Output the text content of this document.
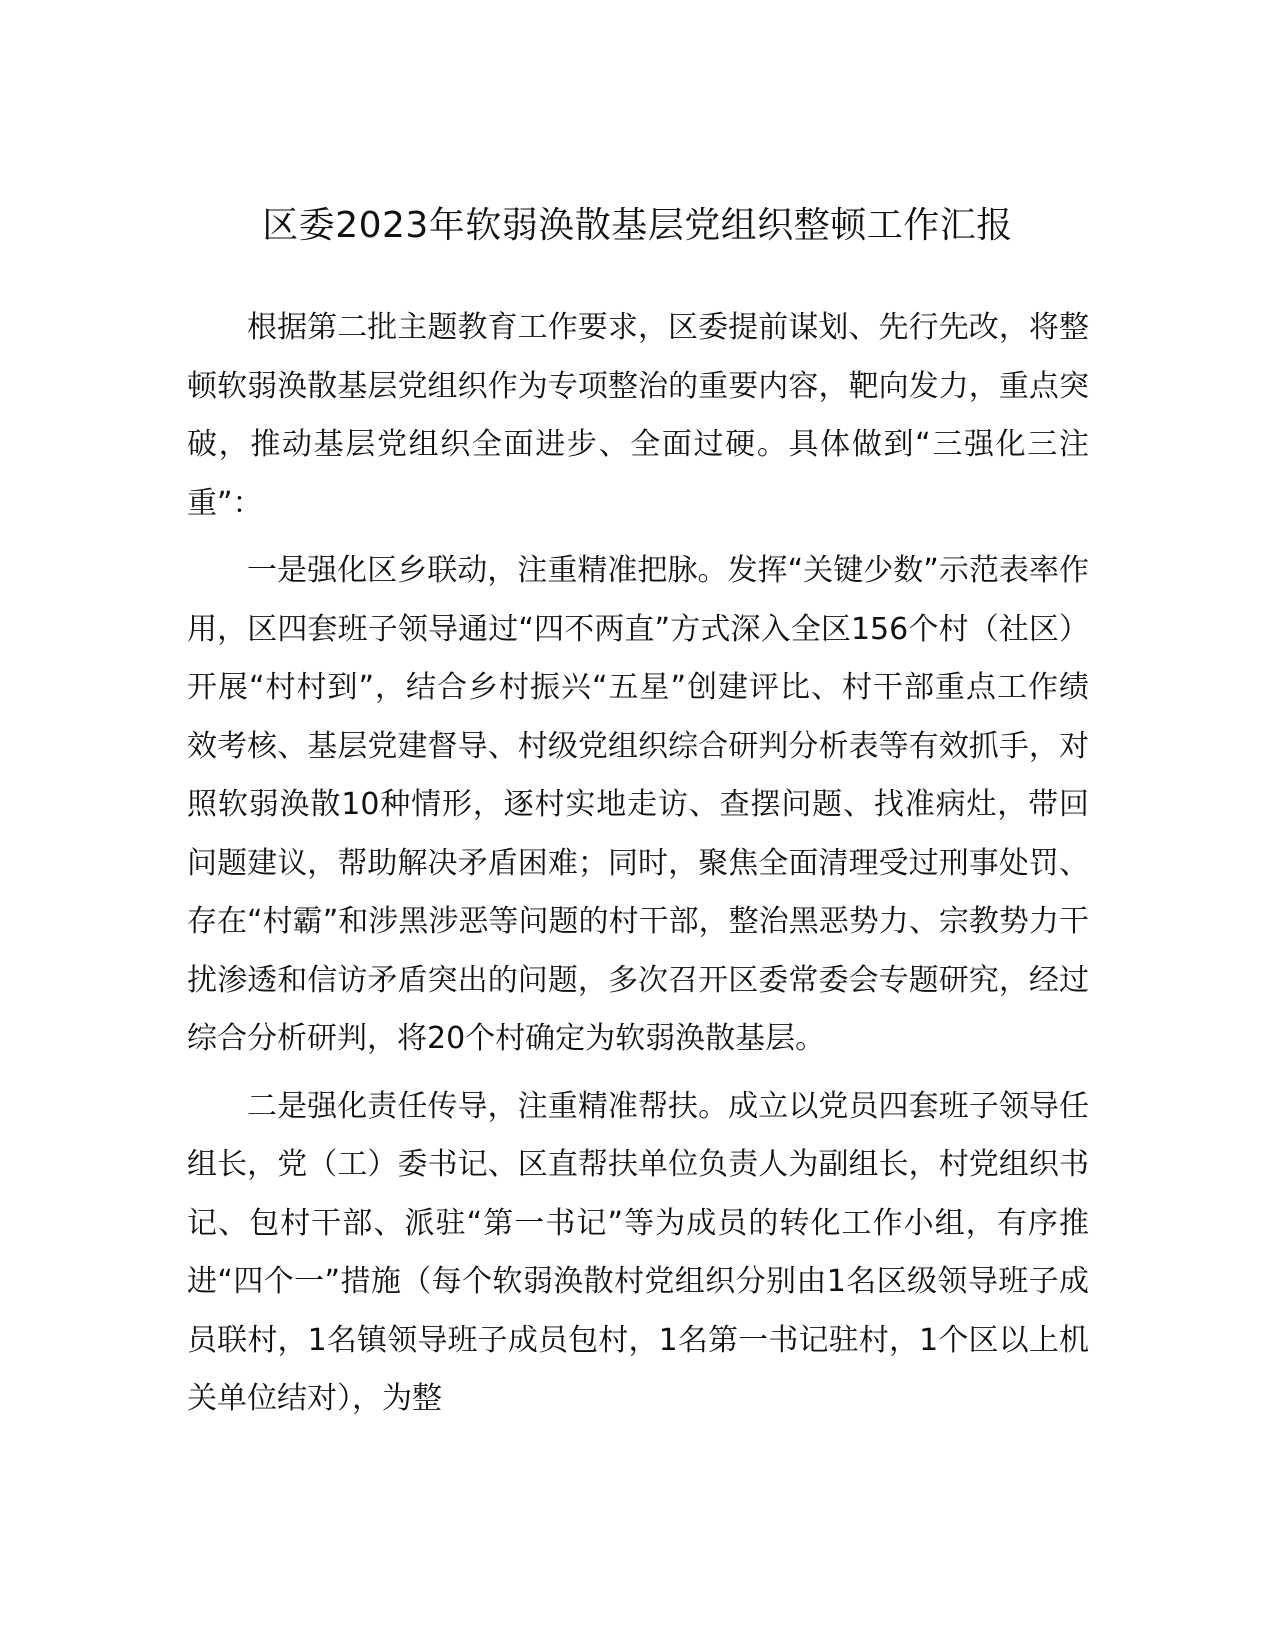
区委2023年软弱涣散基层党组织整顿工作汇报

根据第二批主题教育工作要求，区委提前谋划、先行先改，将整顿软弱涣散基层党组织作为专项整治的重要内容，靶向发力，重点突破，推动基层党组织全面进步、全面过硬。具体做到“三强化三注重”：

一是强化区乡联动，注重精准把脉。发挥“关键少数”示范表率作用，区四套班子领导通过“四不两直”方式深入全区156个村（社区）开展“村村到”，结合乡村振兴“五星”创建评比、村干部重点工作绩效考核、基层党建督导、村级党组织综合研判分析表等有效抓手，对照软弱涣散10种情形，逐村实地走访、查摆问题、找准病灶，带回问题建议，帮助解决矛盾困难；同时，聚焦全面清理受过刑事处罚、存在“村霸”和涉黑涉恶等问题的村干部，整治黑恶势力、宗教势力干扰渗透和信访矛盾突出的问题，多次召开区委常委会专题研究，经过综合分析研判，将20个村确定为软弱涣散基层。

二是强化责任传导，注重精准帮扶。成立以党员四套班子领导任组长，党（工）委书记、区直帮扶单位负责人为副组长，村党组织书记、包村干部、派驻“第一书记”等为成员的转化工作小组，有序推进“四个一”措施（每个软弱涣散村党组织分别由1名区级领导班子成员联村，1名镇领导班子成员包村，1名第一书记驻村，1个区以上机关单位结对），为整
